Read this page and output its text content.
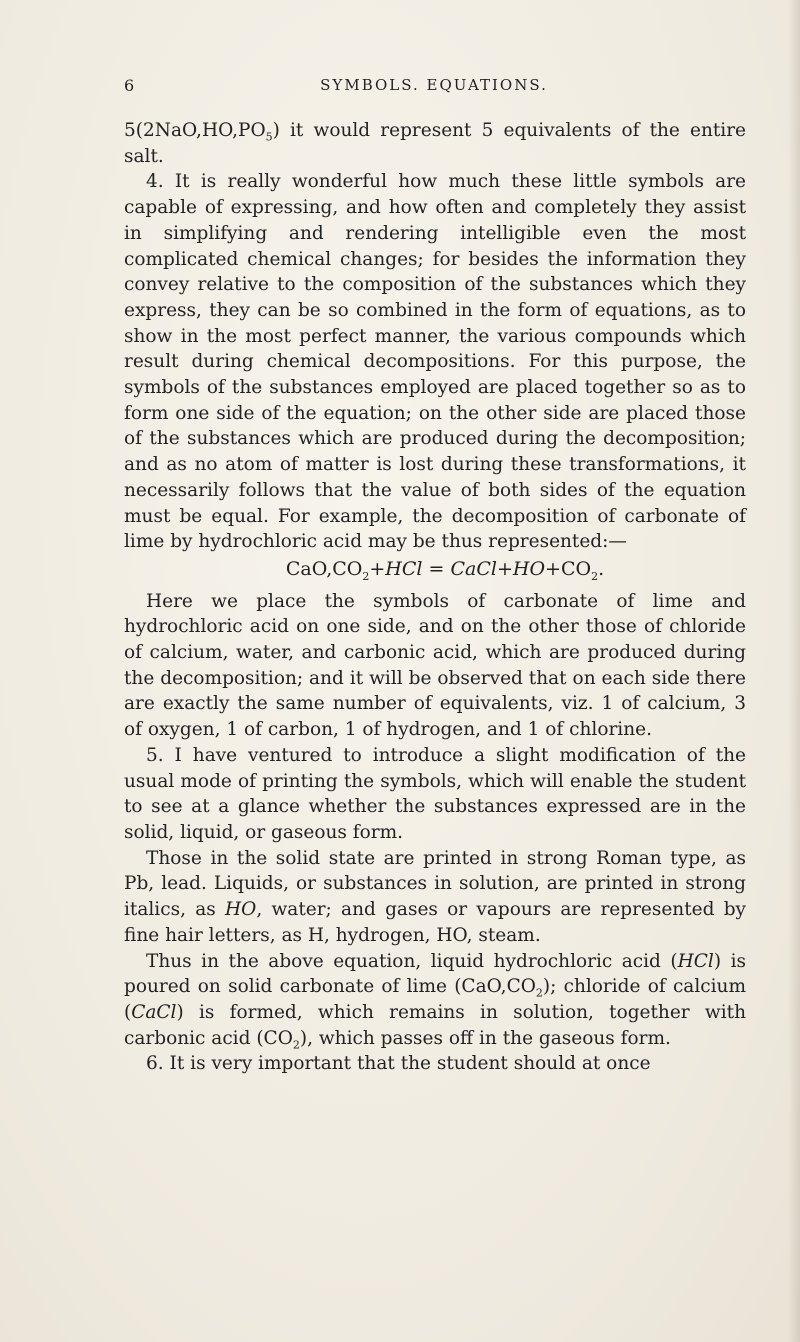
6	SYMBOLS. EQUATIONS.

$5(2NaO,HO,PO_5)$ it would represent 5 equivalents of the entire salt.

4. It is really wonderful how much these little symbols are capable of expressing, and how often and completely they assist in simplifying and rendering intelligible even the most complicated chemical changes; for besides the information they convey relative to the composition of the substances which they express, they can be so combined in the form of equations, as to show in the most perfect manner, the various compounds which result during chemical decompositions. For this purpose, the symbols of the substances employed are placed together so as to form one side of the equation; on the other side are placed those of the substances which are produced during the decomposition; and as no atom of matter is lost during these transformations, it necessarily follows that the value of both sides of the equation must be equal. For example, the decomposition of carbonate of lime by hydrochloric acid may be thus represented:—

$CaO,CO_2+HCl$ = $CaCl+HO+CO_2$.

Here we place the symbols of carbonate of lime and hydrochloric acid on one side, and on the other those of chloride of calcium, water, and carbonic acid, which are produced during the decomposition; and it will be observed that on each side there are exactly the same number of equivalents, viz. 1 of calcium, 3 of oxygen, 1 of carbon, 1 of hydrogen, and 1 of chlorine.

5. I have ventured to introduce a slight modification of the usual mode of printing the symbols, which will enable the student to see at a glance whether the substances expressed are in the solid, liquid, or gaseous form.

Those in the solid state are printed in strong Roman type, as Pb, lead. Liquids, or substances in solution, are printed in strong italics, as HO, water; and gases or vapours are represented by fine hair letters, as H, hydrogen, HO, steam.

Thus in the above equation, liquid hydrochloric acid (HCl) is poured on solid carbonate of lime $(CaO,CO_2)$; chloride of calcium (CaCl) is formed, which remains in solution, together with carbonic acid $(CO_2)$, which passes off in the gaseous form.

6. It is very important that the student should at once
